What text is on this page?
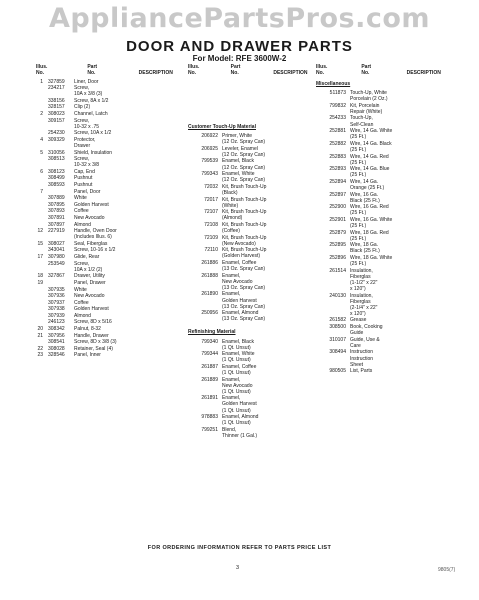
AppliancePartsPros.com
DOOR AND DRAWER PARTS
For Model: RFE 3600W-2
Illus.
No.
Part
No.	DESCRIPTION
1	327859	Liner, Door
234217	Screw,
10A x 3/8 (3)
338156	Screw, 8A x 1/2
328157	Clip (2)
2	308023	Channel, Latch
309157	Screw,
10-32 x .75
254230	Screw, 10A x 1/2
4	309329	Protector,
Drawer
5	310056	Shield, Insulation
308513	Screw,
10-32 x 3/8
6	308123	Cap, End
308499	Pushnut
308593	Pushnut
7	Panel, Door
307889	White
307895	Golden Harvest
307893	Coffee
307891	New Avocado
307897	Almond
12	227919	Handle, Oven Door
(Includes Illus. 6)
15	308027	Seal, Fiberglas
343041	Screw, 10-16 x 1/2
17	307980	Glide, Rear
253549	Screw,
10A x 1/2 (2)
18	327867	Drawer, Utility
19	Panel, Drawer
307935	White
307936	New Avocado
307937	Coffee
307938	Golden Harvest
307939	Almond
246123	Screw, 8D x 5/16
20	308342	Palnut, 8-32
21	307956	Handle, Drawer
308541	Screw, 8D x 3/8 (3)
22	308028	Retainer, Seal (4)
23	328546	Panel, Inner
Illus.
No.
Part
No.	DESCRIPTION
Customer Touch-Up Material
206922 Primer, White
(12 Oz. Spray Can)
206925 Leveler, Enamel
(12 Oz. Spray Can)
799539 Enamel, Black
(12 Oz. Spray Can)
799343 Enamel, White
(12 Oz. Spray Can)
72032 Kit, Brush Touch-Up
(Black)
72017 Kit, Brush Touch-Up
(White)
72107 Kit, Brush Touch-Up
(Almond)
72108 Kit, Brush Touch-Up
(Coffee)
72109 Kit, Brush Touch-Up
(New Avocado)
72110 Kit, Brush Touch-Up
(Golden Harvest)
261886 Enamel, Coffee
(13 Oz. Spray Can)
261888 Enamel,
New Avocado
(13 Oz. Spray Can)
261890 Enamel,
Golden Harvest
(13 Oz. Spray Can)
250956 Enamel, Almond
(13 Oz. Spray Can)
Refinishing Material
799340 Enamel, Black
(1 Qt. Unsut)
799344 Enamel, White
(1 Qt. Unsut)
261887 Enamel, Coffee
(1 Qt. Unsut)
261889 Enamel,
New Avocado
(1 Qt. Unsut)
261891 Enamel,
Golden Harvest
(1 Qt. Unsut)
978883 Enamel, Almond
(1 Qt. Unsut)
799251 Blend,
Thinner (1 Gal.)
Illus.
No.
Part
No.	DESCRIPTION
Miscellaneous
511873 Touch-Up, White
Porcelain (2 Oz.)
799832 Kit, Porcelain
Repair (White)
254233 Touch-Up,
Self-Clean
252881 Wire, 14 Ga. White
(25 Ft.)
252882 Wire, 14 Ga. Black
(25 Ft.)
252883 Wire, 14 Ga. Red
(25 Ft.)
252893 Wire, 14 Ga. Blue
(25 Ft.)
252894 Wire, 14 Ga.
Orange (25 Ft.)
252897 Wire, 16 Ga.
Black (25 Ft.)
252900 Wire, 16 Ga. Red
(25 Ft.)
252901 Wire, 16 Ga. White
(25 Ft.)
252879 Wire, 18 Ga. Red
(25 Ft.)
252895 Wire, 18 Ga.
Black (25 Ft.)
252896 Wire, 18 Ga. White
(25 Ft.)
261514 Insulation,
Fiberglas
(1-1/2" x 22"
x 120")
240130 Insulation,
Fiberglas
(2-1/4" x 22"
x 120")
261582 Grease
308500 Book, Cooking
Guide
310107 Guide, Use &
Care
308494 Instruction
Instruction
Sheet
980505 List, Parts
FOR ORDERING INFORMATION REFER TO PARTS PRICE LIST
3	9805(7)
